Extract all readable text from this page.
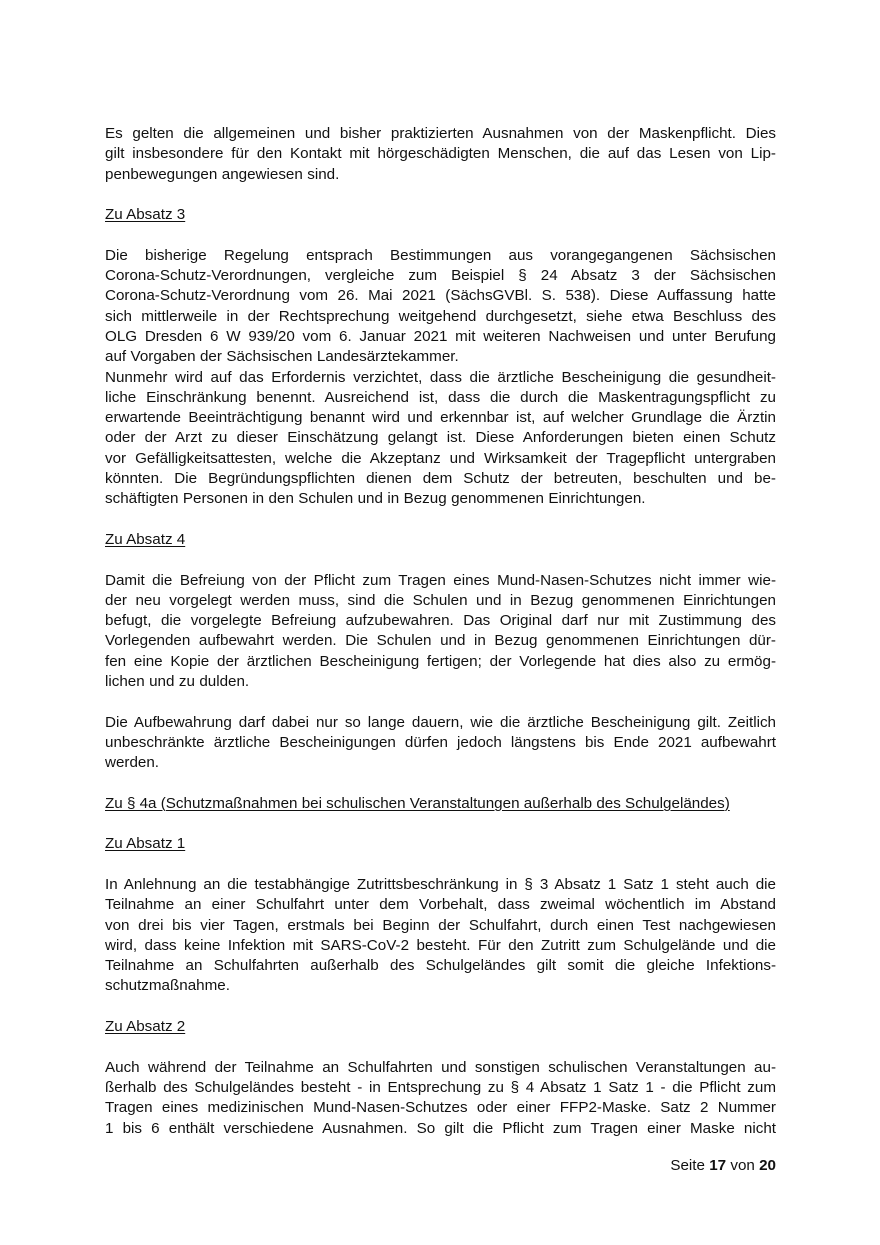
Es gelten die allgemeinen und bisher praktizierten Ausnahmen von der Maskenpflicht. Dies
gilt insbesondere für den Kontakt mit hörgeschädigten Menschen, die auf das Lesen von Lip-
penbewegungen angewiesen sind.

Zu Absatz 3

Die bisherige Regelung entsprach Bestimmungen aus vorangegangenen Sächsischen
Corona-Schutz-Verordnungen, vergleiche zum Beispiel § 24 Absatz 3 der Sächsischen
Corona-Schutz-Verordnung vom 26. Mai 2021 (SächsGVBl. S. 538). Diese Auffassung hatte
sich mittlerweile in der Rechtsprechung weitgehend durchgesetzt, siehe etwa Beschluss des
OLG Dresden 6 W 939/20 vom 6. Januar 2021 mit weiteren Nachweisen und unter Berufung
auf Vorgaben der Sächsischen Landesärztekammer.
Nunmehr wird auf das Erfordernis verzichtet, dass die ärztliche Bescheinigung die gesundheit-
liche Einschränkung benennt. Ausreichend ist, dass die durch die Maskentragungspflicht zu
erwartende Beeinträchtigung benannt wird und erkennbar ist, auf welcher Grundlage die Ärztin
oder der Arzt zu dieser Einschätzung gelangt ist. Diese Anforderungen bieten einen Schutz
vor Gefälligkeitsattesten, welche die Akzeptanz und Wirksamkeit der Tragepflicht untergraben
könnten. Die Begründungspflichten dienen dem Schutz der betreuten, beschulten und be-
schäftigten Personen in den Schulen und in Bezug genommenen Einrichtungen.

Zu Absatz 4

Damit die Befreiung von der Pflicht zum Tragen eines Mund-Nasen-Schutzes nicht immer wie-
der neu vorgelegt werden muss, sind die Schulen und in Bezug genommenen Einrichtungen
befugt, die vorgelegte Befreiung aufzubewahren. Das Original darf nur mit Zustimmung des
Vorlegenden aufbewahrt werden. Die Schulen und in Bezug genommenen Einrichtungen dür-
fen eine Kopie der ärztlichen Bescheinigung fertigen; der Vorlegende hat dies also zu ermög-
lichen und zu dulden.
Die Aufbewahrung darf dabei nur so lange dauern, wie die ärztliche Bescheinigung gilt. Zeitlich
unbeschränkte ärztliche Bescheinigungen dürfen jedoch längstens bis Ende 2021 aufbewahrt
werden.

Zu § 4a (Schutzmaßnahmen bei schulischen Veranstaltungen außerhalb des Schulgeländes)

Zu Absatz 1

In Anlehnung an die testabhängige Zutrittsbeschränkung in § 3 Absatz 1 Satz 1 steht auch die
Teilnahme an einer Schulfahrt unter dem Vorbehalt, dass zweimal wöchentlich im Abstand
von drei bis vier Tagen, erstmals bei Beginn der Schulfahrt, durch einen Test nachgewiesen
wird, dass keine Infektion mit SARS-CoV-2 besteht. Für den Zutritt zum Schulgelände und die
Teilnahme an Schulfahrten außerhalb des Schulgeländes gilt somit die gleiche Infektions-
schutzmaßnahme.

Zu Absatz 2

Auch während der Teilnahme an Schulfahrten und sonstigen schulischen Veranstaltungen au-
ßerhalb des Schulgeländes besteht - in Entsprechung zu § 4 Absatz 1 Satz 1 - die Pflicht zum
Tragen eines medizinischen Mund-Nasen-Schutzes oder einer FFP2-Maske. Satz 2 Nummer
1 bis 6 enthält verschiedene Ausnahmen. So gilt die Pflicht zum Tragen einer Maske nicht
Seite 17 von 20
